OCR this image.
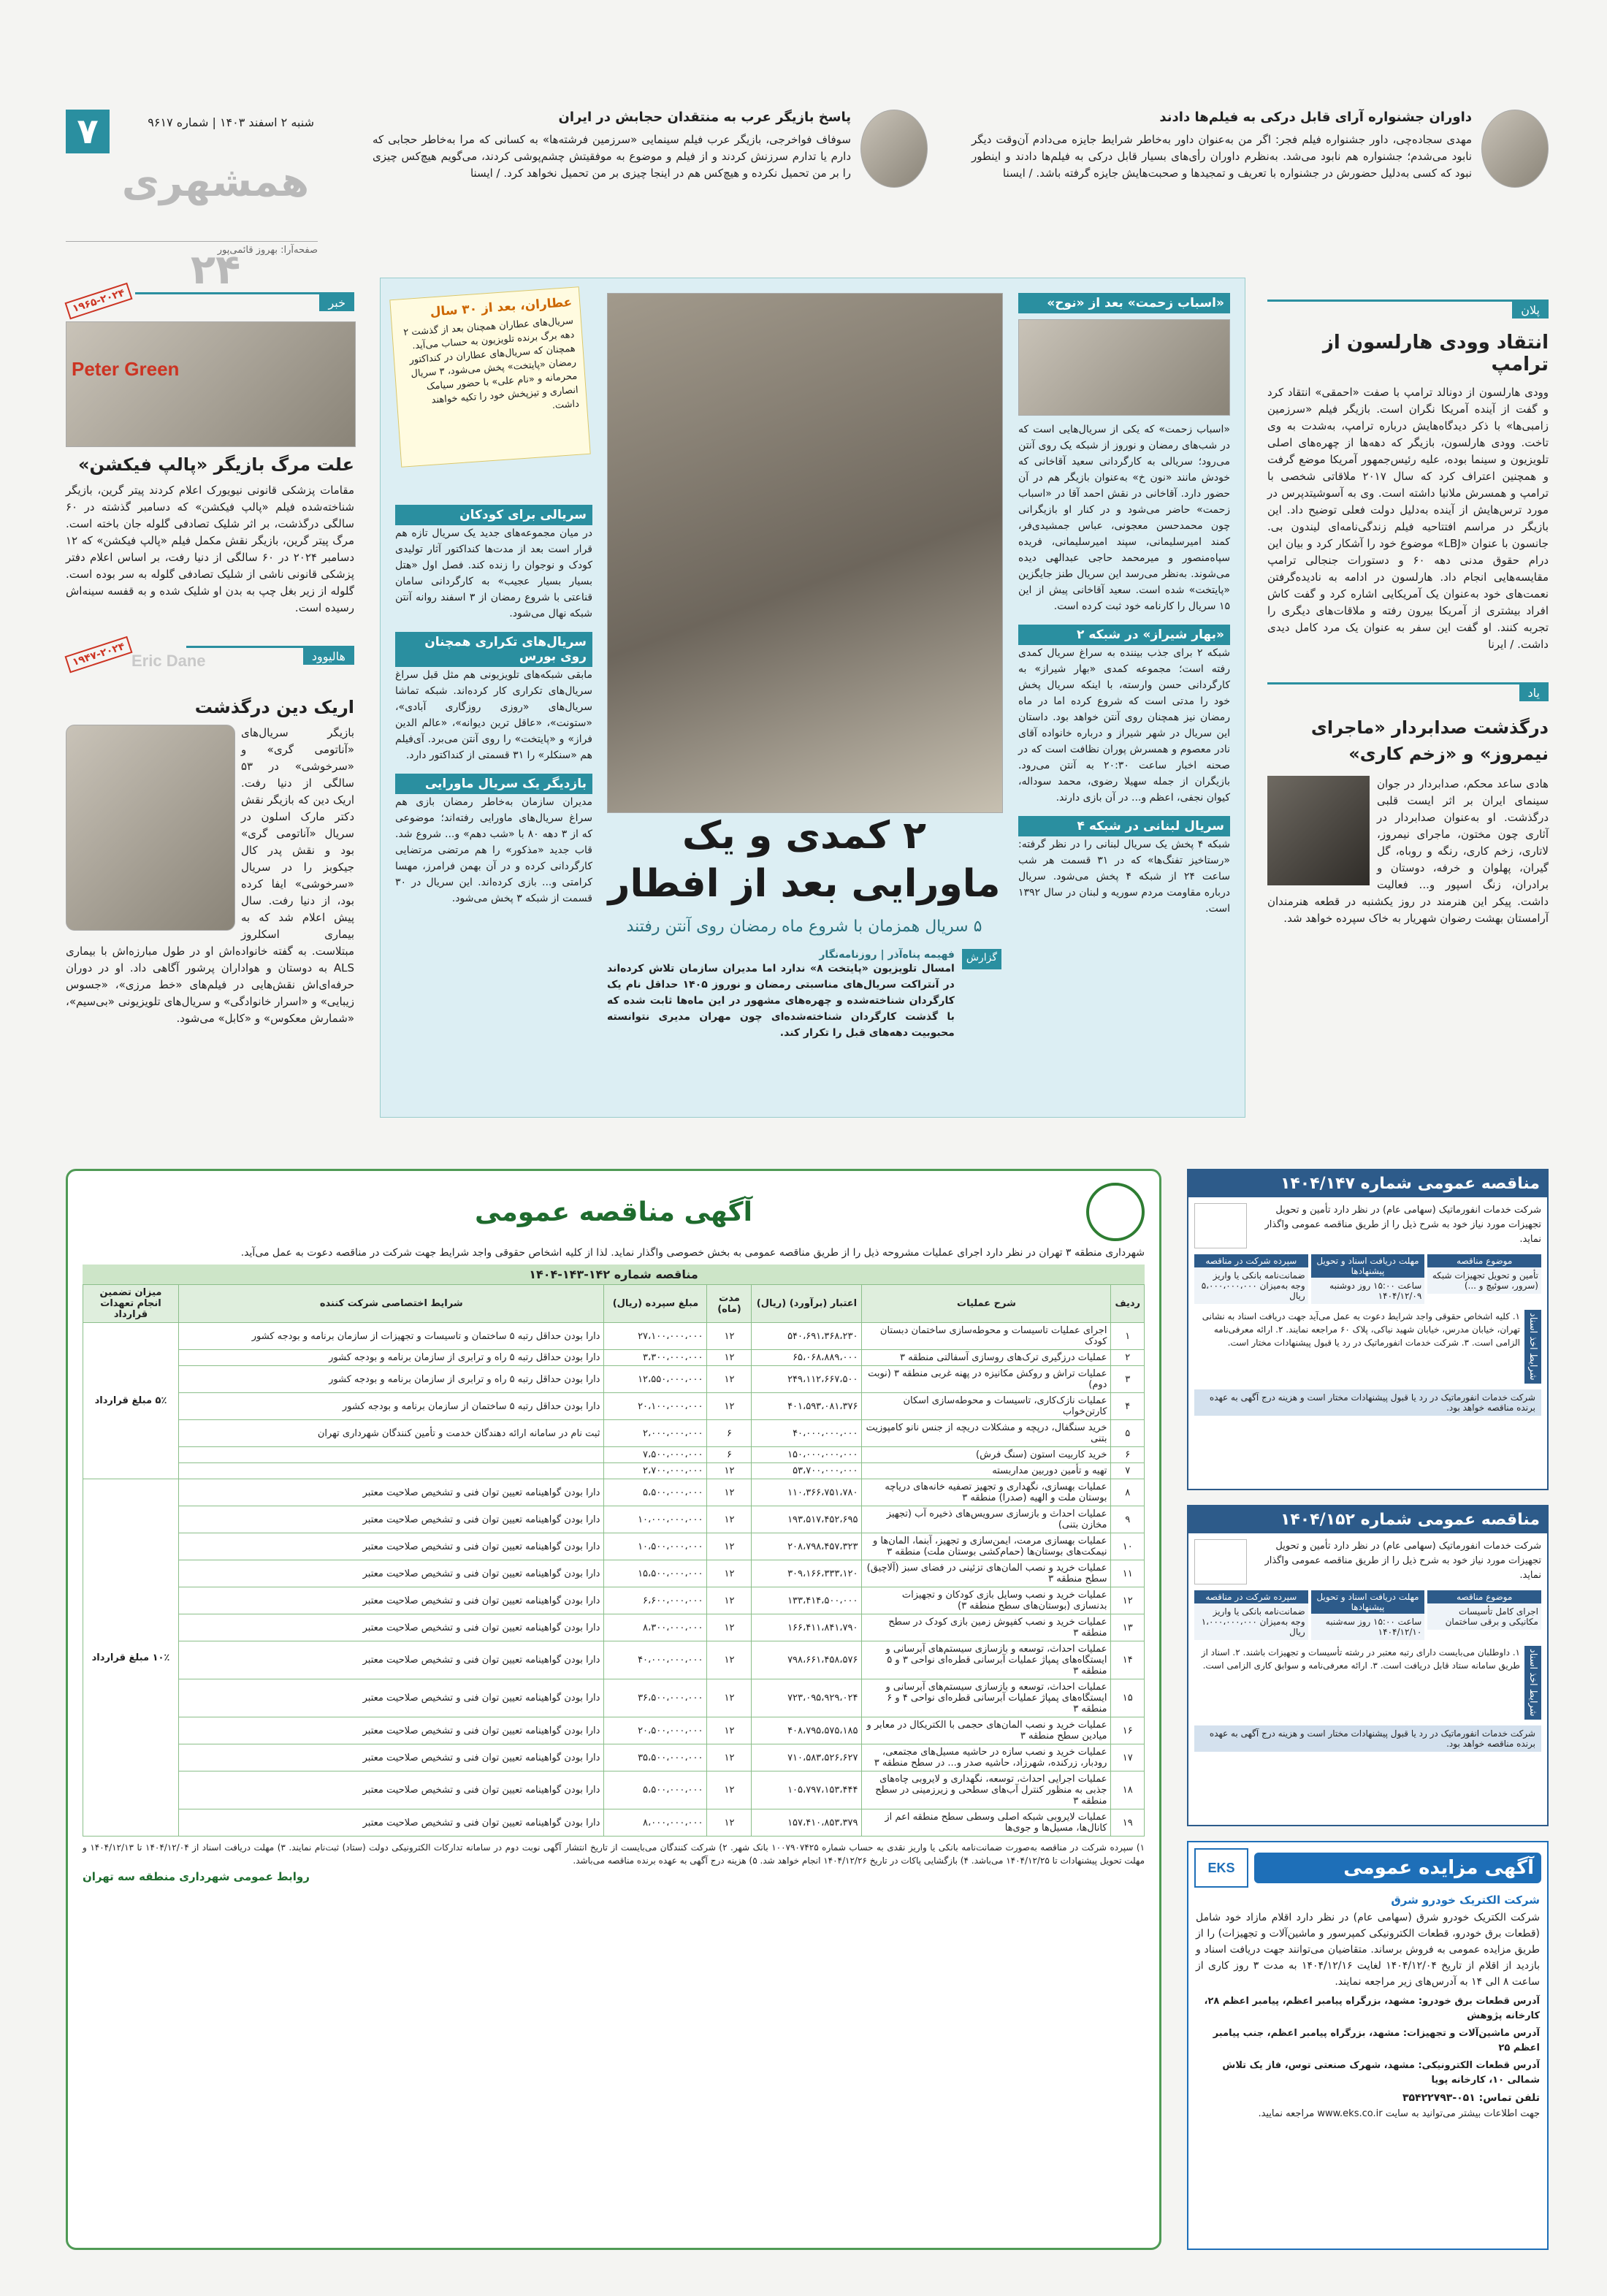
۷	شنبه ۲ اسفند ۱۴۰۳ | شماره ۹۶۱۷
همشهری ۲۴
صفحه‌آرا: بهروز قائمی‌پور
پاسخ بازیگر عرب به منتقدان حجابش در ایران
سوفاف فواخرجی، بازیگر عرب فیلم سینمایی «سرزمین فرشته‌ها» به کسانی که مرا به‌خاطر حجابی که دارم یا تدارم سرزنش کردند و از فیلم و موضوع به موفقیتش چشم‌پوشی کردند، می‌گویم هیچ‌کس چیزی را بر من تحمیل نکرده و هیچ‌کس هم در اینجا چیزی بر من تحمیل نخواهد کرد. / ایسنا
داوران جشنواره آرای قابل درکی به فیلم‌ها دادند
مهدی سجاده‌چی، داور جشنواره فیلم فجر: اگر من به‌عنوان داور به‌خاطر شرایط جایزه می‌دادم آن‌وقت دیگر نابود می‌شدم؛ جشنواره هم نابود می‌شد. به‌نظرم داوران رأی‌های بسیار قابل درکی به فیلم‌ها دادند و اینطور نبود که کسی به‌دلیل حضورش در جشنواره با تعریف و تمجیدها و صحبت‌هایش جایزه گرفته باشد. / ایسنا
پلان
انتقاد وودی هارلسون از ترامپ
وودی هارلسون از دونالد ترامپ با صفت «احمقی» انتقاد کرد و گفت از آینده آمریکا نگران است. بازیگر فیلم «سرزمین زامبی‌ها» با ذکر دیدگاه‌هایش درباره ترامپ، به‌شدت به وی تاخت. وودی هارلسون، بازیگر که دهه‌ها از چهره‌های اصلی تلویزیون و سینما بوده، علیه رئیس‌جمهور آمریکا موضع گرفت و همچنین اعتراف کرد که سال ۲۰۱۷ ملاقاتی شخصی با ترامپ و همسرش ملانیا داشته است. وی به آسوشیتدپرس در مورد ترس‌هایش از آینده به‌دلیل دولت فعلی توضیح داد. این بازیگر در مراسم افتتاحیه فیلم زندگی‌نامه‌ای لیندون بی. جانسون با عنوان «LBJ» موضوع خود را آشکار کرد و بیان این درام حقوق مدنی دهه ۶۰ و دستورات جنجالی ترامپ مقایسه‌هایی انجام داد. هارلسون در ادامه به نادیده‌گرفتن نعمت‌های خود به‌عنوان یک آمریکایی اشاره کرد و گفت کاش افراد بیشتری از آمریکا بیرون رفته و ملاقات‌های دیگری را تجربه کنند. او گفت این سفر به عنوان یک مرد کامل دیدی داشت. / ایرنا
یاد
درگذشت صدابردار «ماجرای نیمروز» و «زخم کاری»
هادی ساعد محکم، صدابردار در جوان سینمای ایران بر اثر ایست قلبی درگذشت. او به‌عنوان صدابردار در آثاری چون مختون، ماجرای نیمروز، لاتاری، زخم کاری، رنگه و روباه، گل گیران، پهلوان و خرفه، دوستان و برادران، زنگ اسپور و... فعالیت داشت. پیکر این هنرمند در روز یکشنبه در قطعه هنرمندان آرامستان بهشت رضوان شهریار به خاک سپرده خواهد شد.
۱۹۶۵-۲۰۲۴	خبر
Peter Green
علت مرگ بازیگر «پالپ فیکشن»
مقامات پزشکی قانونی نیویورک اعلام کردند پیتر گرین، بازیگر شناخته‌شده فیلم «پالپ فیکشن» که دسامبر گذشته در ۶۰ سالگی درگذشت، بر اثر شلیک تصادفی گلوله جان باخته است. مرگ پیتر گرین، بازیگر نقش مکمل فیلم «پالپ فیکشن» که ۱۲ دسامبر ۲۰۲۴ در ۶۰ سالگی از دنیا رفت، بر اساس اعلام دفتر پزشکی قانونی ناشی از شلیک تصادفی گلوله به سر بوده است. گلوله از زیر بغل چپ به بدن او شلیک شده و به قفسه سینه‌اش رسیده است.
۱۹۴۷-۲۰۲۴ Eric Dane	هالیوود
اریک دین درگذشت
بازیگر سریال‌های «آناتومی گری» و «سرخوشی» در ۵۳ سالگی از دنیا رفت. اریک دین که بازیگر نقش دکتر مارک اسلون در سریال «آناتومی گری» بود و نقش پدر کال جیکوبز را در سریال «سرخوشی» ایفا کرده بود، از دنیا رفت. سال پیش اعلام شد که به بیماری اسکلروز مبتلاست. به گفته خانواده‌اش او در طول مبارزه‌اش با بیماری ALS به دوستان و هواداران پرشور آگاهی داد. او در دوران حرفه‌ای‌اش نقش‌هایی در فیلم‌های «خط مرزی»، «جسوس زیبایی» و «اسرار خانوادگی» و سریال‌های تلویزیونی «بی‌سیم»، «شمارش معکوس» و «کابل» می‌شود.
عطاران، بعد از ۳۰ سال
سریال‌های عطاران همچنان بعد از گذشت ۲ دهه برگ برنده تلویزیون به حساب می‌آید. همچنان که سریال‌های عطاران در کنداکتور رمضان «پایتخت» پخش می‌شود، ۳ سریال محرمانه و «نام علی» با حضور سیامک انصاری و تیزپخش خود را تکیه خواهند داشت.
«اسباب زحمت» بعد از «نوح»
«اسباب زحمت» که یکی از سریال‌هایی است که در شب‌های رمضان و نوروز از شبکه یک روی آنتن می‌رود؛ سریالی به کارگردانی سعید آقاخانی که خودش مانند «نون خ» به‌عنوان بازیگر هم در آن حضور دارد. آقاخانی در نقش احمد آقا در «اسباب زحمت» حاضر می‌شود و در کنار او بازیگرانی چون محمدحسن معجونی، عباس جمشیدی‌فر، کمند امیرسلیمانی، سپند امیرسلیمانی، فریده سپاه‌منصور و میرمحمد حاجی عبدالهی دیده می‌شوند. به‌نظر می‌رسد این سریال طنز جایگزین «پایتخت» شده است. سعید آقاخانی پیش از این ۱۵ سریال را کارنامه خود ثبت کرده است.
«بهار شیراز» در شبکه ۲
شبکه ۲ برای جذب بیننده به سراغ سریال کمدی رفته است؛ مجموعه کمدی «بهار شیراز» به کارگردانی حسن وارسته، با اینکه سریال پخش خود را مدتی است که شروع کرده اما در ماه رمضان نیز همچنان روی آنتن خواهد بود. داستان این سریال در شهر شیراز و درباره خانواده آقای نادر معصوم و همسرش پوران نظافت است که در صحنه اخبار ساعت ۲۰:۳۰ به آنتن می‌رود. بازیگران از جمله سهیلا رضوی، محمد سوداله، کیوان نجفی، اعظم و... در آن بازی دارند.
سریال لبنانی در شبکه ۴
شبکه ۴ پخش یک سریال لبنانی را در نظر گرفته: «رستاخیز تفنگ‌ها» که در ۳۱ قسمت هر شب ساعت ۲۴ از شبکه ۴ پخش می‌شود. سریال درباره مقاومت مردم سوریه و لبنان در سال ۱۳۹۲ است.
سریالی برای کودکان
در میان مجموعه‌های جدید یک سریال تازه هم قرار است بعد از مدت‌ها کنداکتور آثار تولیدی کودک و نوجوان را زنده کند. فصل اول «هتل بسیار بسیار عجیب» به کارگردانی سامان قناعتی با شروع رمضان از ۳ اسفند روانه آنتن شبکه نهال می‌شود.
سریال‌های تکراری همچنان روی بورس
مابقی شبکه‌های تلویزیونی هم مثل قبل سراغ سریال‌های تکراری کار کرده‌اند. شبکه تماشا سریال‌های «روزی روزگاری آبادی»، «ستونت»، «عاقل ترین دیوانه»، «عالم الدین فراز» و «پایتخت» را روی آنتن می‌برد. آی‌فیلم هم «سنکلر» را ۳۱ قسمتی از کنداکتور دارد.
بازدیگر یک سریال ماورایی
مدیران سازمان به‌خاطر رمضان بازی هم سراغ سریال‌های ماورایی رفته‌اند؛ موضوعی که از ۳ دهه ۸۰ با «شب دهم» و... شروع شد. قاب جدید «مذکور» را هم مرتضی مرتضایی کارگردانی کرده و در آن بهمن فرامرز، مهسا کرامتی و... بازی کرده‌اند. این سریال در ۳۰ قسمت از شبکه ۳ پخش می‌شود.
۲ کمدی و یک ماورایی بعد از افطار
۵ سریال همزمان با شروع ماه رمضان روی آنتن رفتند
گزارش
فهیمه پناه‌آذر | روزنامه‌نگار
امسال تلویزیون «پایتخت ۸» ندارد اما مدیران سازمان تلاش کرده‌اند در آنتراکت سریال‌های مناسبتی رمضان و نوروز ۱۴۰۵ حداقل نام یک کارگردان شناخته‌شده و چهره‌های مشهور در این ماه‌ها ثابت شده که با گذشت کارگردان شناخته‌شده‌ای چون مهران مدیری نتوانسته محبوبیت دهه‌های قبل را تکرار کند.
آگهی مناقصه عمومی
شهرداری منطقه ۳ تهران در نظر دارد اجرای عملیات مشروحه ذیل را از طریق مناقصه عمومی به بخش خصوصی واگذار نماید. لذا از کلیه اشخاص حقوقی واجد شرایط جهت شرکت در مناقصه دعوت به عمل می‌آید.
مناقصه شماره ۱۴۲-۱۴۳-۱۴۰۴
ردیف	شرح عملیات	اعتبار (برآورد) (ریال)	مدت (ماه)	مبلغ سپرده (ریال)	شرایط اختصاصی شرکت کننده	میزان تضمین انجام تعهدات قرارداد
۱	اجرای عملیات تاسیسات و محوطه‌سازی ساختمان دبستان کودک	۵۴۰،۶۹۱،۳۶۸،۲۳۰	۱۲	۲۷،۱۰۰،۰۰۰،۰۰۰	دارا بودن حداقل رتبه ۵ ساختمان و تاسیسات و تجهیزات از سازمان برنامه و بودجه کشور	۵٪ مبلغ قرارداد
۲	عملیات درزگیری ترک‌های روسازی آسفالتی منطقه ۳	۶۵،۰۶۸،۸۸۹،۰۰۰	۱۲	۳،۳۰۰،۰۰۰،۰۰۰	دارا بودن حداقل رتبه ۵ راه و ترابری از سازمان برنامه و بودجه کشور	
۳	عملیات تراش و روکش مکانیزه در پهنه غربی منطقه ۳ (نوبت دوم)	۲۴۹،۱۱۲،۶۶۷،۵۰۰	۱۲	۱۲،۵۵۰،۰۰۰،۰۰۰	دارا بودن حداقل رتبه ۵ راه و ترابری از سازمان برنامه و بودجه کشور	
۴	عملیات نازک‌کاری، تاسیسات و محوطه‌سازی اسکان کارتن‌خواب	۴۰۱،۵۹۳،۰۸۱،۳۷۶	۱۲	۲۰،۱۰۰،۰۰۰،۰۰۰	دارا بودن حداقل رتبه ۵ ساختمان از سازمان برنامه و بودجه کشور	
۵	خرید سنگفال، درپچه و مشکلات دریچه از جنس نانو کامپوزیت بتنی	۴۰،۰۰۰،۰۰۰،۰۰۰	۶	۲،۰۰۰،۰۰۰،۰۰۰	ثبت نام در سامانه ارائه دهندگان خدمت و تأمین کنندگان شهرداری تهران	
۶	خرید کاربیت استون (سنگ فرش)	۱۵۰،۰۰۰،۰۰۰،۰۰۰	۶	۷،۵۰۰،۰۰۰،۰۰۰		
۷	تهیه و تأمین دوربین مداربسته	۵۳،۷۰۰،۰۰۰،۰۰۰	۱۲	۲،۷۰۰،۰۰۰،۰۰۰		
۸	عملیات بهسازی، نگهداری و تجهیز تصفیه خانه‌های دریاچه بوستان ملت و الهیه (صدرا) منطقه ۳	۱۱۰،۳۶۶،۷۵۱،۷۸۰	۱۲	۵،۵۰۰،۰۰۰،۰۰۰	دارا بودن گواهینامه تعیین توان فنی و تشخیص صلاحیت معتبر	۱۰٪ مبلغ قرارداد
۹	عملیات احداث و بازسازی سرویس‌های ذخیره آب (تجهیز مخازن بتنی)	۱۹۳،۵۱۷،۴۵۲،۶۹۵	۱۲	۱۰،۰۰۰،۰۰۰،۰۰۰	دارا بودن گواهینامه تعیین توان فنی و تشخیص صلاحیت معتبر	
۱۰	عملیات بهسازی مرمت، ایمن‌سازی و تجهیز، آبنما، المان‌ها و نیمکت‌های بوستان‌ها (حمام‌کشی بوستان ملت) منطقه ۳	۲۰۸،۷۹۸،۴۵۷،۳۲۳	۱۲	۱۰،۵۰۰،۰۰۰،۰۰۰	دارا بودن گواهینامه تعیین توان فنی و تشخیص صلاحیت معتبر	
۱۱	عملیات خرید و نصب المان‌های تزئینی در فضای سبز (آلاچیق) سطح منطقه ۳	۳۰۹،۱۶۶،۳۳۳،۱۲۰	۱۲	۱۵،۵۰۰،۰۰۰،۰۰۰	دارا بودن گواهینامه تعیین توان فنی و تشخیص صلاحیت معتبر	
۱۲	عملیات خرید و نصب وسایل بازی کودکان و تجهیزات بدنسازی (بوستان‌های سطح منطقه ۳)	۱۳۳،۴۱۴،۵۰۰،۰۰۰	۱۲	۶،۶۰۰،۰۰۰،۰۰۰	دارا بودن گواهینامه تعیین توان فنی و تشخیص صلاحیت معتبر	
۱۳	عملیات خرید و نصب کفپوش زمین بازی کودک در سطح منطقه ۳	۱۶۶،۴۱۱،۸۴۱،۷۹۰	۱۲	۸،۳۰۰،۰۰۰،۰۰۰	دارا بودن گواهینامه تعیین توان فنی و تشخیص صلاحیت معتبر	
۱۴	عملیات احداث، توسعه و بازسازی سیستم‌های آبرسانی و ایستگاه‌های پمپاژ عملیات آبرسانی قطره‌ای نواحی ۳ و ۵ منطقه ۳	۷۹۸،۶۶۱،۴۵۸،۵۷۶	۱۲	۴۰،۰۰۰،۰۰۰،۰۰۰	دارا بودن گواهینامه تعیین توان فنی و تشخیص صلاحیت معتبر	
۱۵	عملیات احداث، توسعه و بازسازی سیستم‌های آبرسانی و ایستگاه‌های پمپاژ عملیات آبرسانی قطره‌ای نواحی ۴ و ۶ منطقه ۳	۷۲۳،۰۹۵،۹۲۹،۰۲۴	۱۲	۳۶،۵۰۰،۰۰۰،۰۰۰	دارا بودن گواهینامه تعیین توان فنی و تشخیص صلاحیت معتبر	
۱۶	عملیات خرید و نصب المان‌های حجمی با الکتریکال در معابر و میادین سطح منطقه ۳	۴۰۸،۷۹۵،۵۷۵،۱۸۵	۱۲	۲۰،۵۰۰،۰۰۰،۰۰۰	دارا بودن گواهینامه تعیین توان فنی و تشخیص صلاحیت معتبر	
۱۷	عملیات خرید و نصب سازه در حاشیه مسیل‌های مجتمعی، رودبار، زرکنده، شهرزاد، حاشیه صدر و... در سطح منطقه ۳	۷۱۰،۵۸۳،۵۲۶،۶۲۷	۱۲	۳۵،۵۰۰،۰۰۰،۰۰۰	دارا بودن گواهینامه تعیین توان فنی و تشخیص صلاحیت معتبر	
۱۸	عملیات اجرایی احداث، توسعه، نگهداری و لایروبی چاه‌های جذبی به منظور کنترل آب‌های سطحی و زیرزمینی در سطح منطقه ۳	۱۰۵،۷۹۷،۱۵۳،۴۴۴	۱۲	۵،۵۰۰،۰۰۰،۰۰۰	دارا بودن گواهینامه تعیین توان فنی و تشخیص صلاحیت معتبر	
۱۹	عملیات لایروبی شبکه اصلی وسطی سطح منطقه اعم از کانال‌ها، مسیل‌ها و جوی‌ها	۱۵۷،۴۱۰،۸۵۳،۳۷۹	۱۲	۸،۰۰۰،۰۰۰،۰۰۰	دارا بودن گواهینامه تعیین توان فنی و تشخیص صلاحیت معتبر	
۱) سپرده شرکت در مناقصه به‌صورت ضمانت‌نامه بانکی یا واریز نقدی به حساب شماره ۱۰۰۷۹۰۷۴۲۵ بانک شهر. ۲) شرکت کنندگان می‌بایست از تاریخ انتشار آگهی نوبت دوم در سامانه تدارکات الکترونیکی دولت (ستاد) ثبت‌نام نمایند. ۳) مهلت دریافت اسناد از ۱۴۰۴/۱۲/۰۴ تا ۱۴۰۴/۱۲/۱۳ و مهلت تحویل پیشنهادات تا ۱۴۰۴/۱۲/۲۵ می‌باشد. ۴) بازگشایی پاکات در تاریخ ۱۴۰۴/۱۲/۲۶ انجام خواهد شد. ۵) هزینه درج آگهی به عهده برنده مناقصه می‌باشد.
روابط عمومی شهرداری منطقه سه تهران
مناقصه عمومی شماره ۱۴۰۴/۱۴۷
شرکت خدمات انفورماتیک (سهامی عام) در نظر دارد تأمین و تحویل تجهیزات مورد نیاز خود به شرح ذیل را از طریق مناقصه عمومی واگذار نماید.
موضوع مناقصه
تأمین و تحویل تجهیزات شبکه (سرور، سوئیچ و ...)
مهلت دریافت اسناد و تحویل پیشنهادها
ساعت ۱۵:۰۰ روز دوشنبه ۱۴۰۴/۱۲/۰۹
سپرده شرکت در مناقصه
ضمانت‌نامه بانکی یا واریز وجه به‌میزان ۵،۰۰۰،۰۰۰،۰۰۰ ریال
شرایط اخذ اسناد
۱. کلیه اشخاص حقوقی واجد شرایط دعوت به عمل می‌آید جهت دریافت اسناد به نشانی تهران، خیابان مدرس، خیابان شهید نیاکی، پلاک ۶۰ مراجعه نمایند. ۲. ارائه معرفی‌نامه الزامی است. ۳. شرکت خدمات انفورماتیک در رد یا قبول پیشنهادات مختار است.
شرکت خدمات انفورماتیک در رد یا قبول پیشنهادات مختار است و هزینه درج آگهی به عهده برنده مناقصه خواهد بود.
مناقصه عمومی شماره ۱۴۰۴/۱۵۲
شرکت خدمات انفورماتیک (سهامی عام) در نظر دارد تأمین و تحویل تجهیزات مورد نیاز خود به شرح ذیل را از طریق مناقصه عمومی واگذار نماید.
موضوع مناقصه
اجرای کامل تأسیسات مکانیکی و برقی ساختمان
مهلت دریافت اسناد و تحویل پیشنهادها
ساعت ۱۵:۰۰ روز سه‌شنبه ۱۴۰۴/۱۲/۱۰
سپرده شرکت در مناقصه
ضمانت‌نامه بانکی یا واریز وجه به‌میزان ۱،۰۰۰،۰۰۰،۰۰۰ ریال
شرایط اخذ اسناد
۱. داوطلبان می‌بایست دارای رتبه معتبر در رشته تأسیسات و تجهیزات باشند. ۲. اسناد از طریق سامانه ستاد قابل دریافت است. ۳. ارائه معرفی‌نامه و سوابق کاری الزامی است.
شرکت خدمات انفورماتیک در رد یا قبول پیشنهادات مختار است و هزینه درج آگهی به عهده برنده مناقصه خواهد بود.
آگهی مزایده عمومی
EKS
شرکت الکتریک خودرو شرق
شرکت الکتریک خودرو شرق (سهامی عام) در نظر دارد اقلام مازاد خود شامل (قطعات برق خودرو، قطعات الکترونیکی کمپرسور و ماشین‌آلات و تجهیزات) را از طریق مزایده عمومی به فروش برساند. متقاضیان می‌توانند جهت دریافت اسناد و بازدید از اقلام از تاریخ ۱۴۰۴/۱۲/۰۴ لغایت ۱۴۰۴/۱۲/۱۶ به مدت ۳ روز کاری از ساعت ۸ الی ۱۴ به آدرس‌های زیر مراجعه نمایند.
آدرس قطعات برق خودرو: مشهد، بزرگراه پیامبر اعظم، پیامبر اعظم ۲۸، کارخانه پژوهش
آدرس ماشین‌آلات و تجهیزات: مشهد، بزرگراه پیامبر اعظم، جنب پیامبر اعظم ۲۵
آدرس قطعات الکترونیکی: مشهد، شهرک صنعتی توس، فاز یک تلاش شمالی ۱۰، کارخانه پویا
تلفن تماس: ۰۵۱-۳۵۴۲۲۷۹۳
جهت اطلاعات بیشتر می‌توانید به سایت www.eks.co.ir مراجعه نمایید.
